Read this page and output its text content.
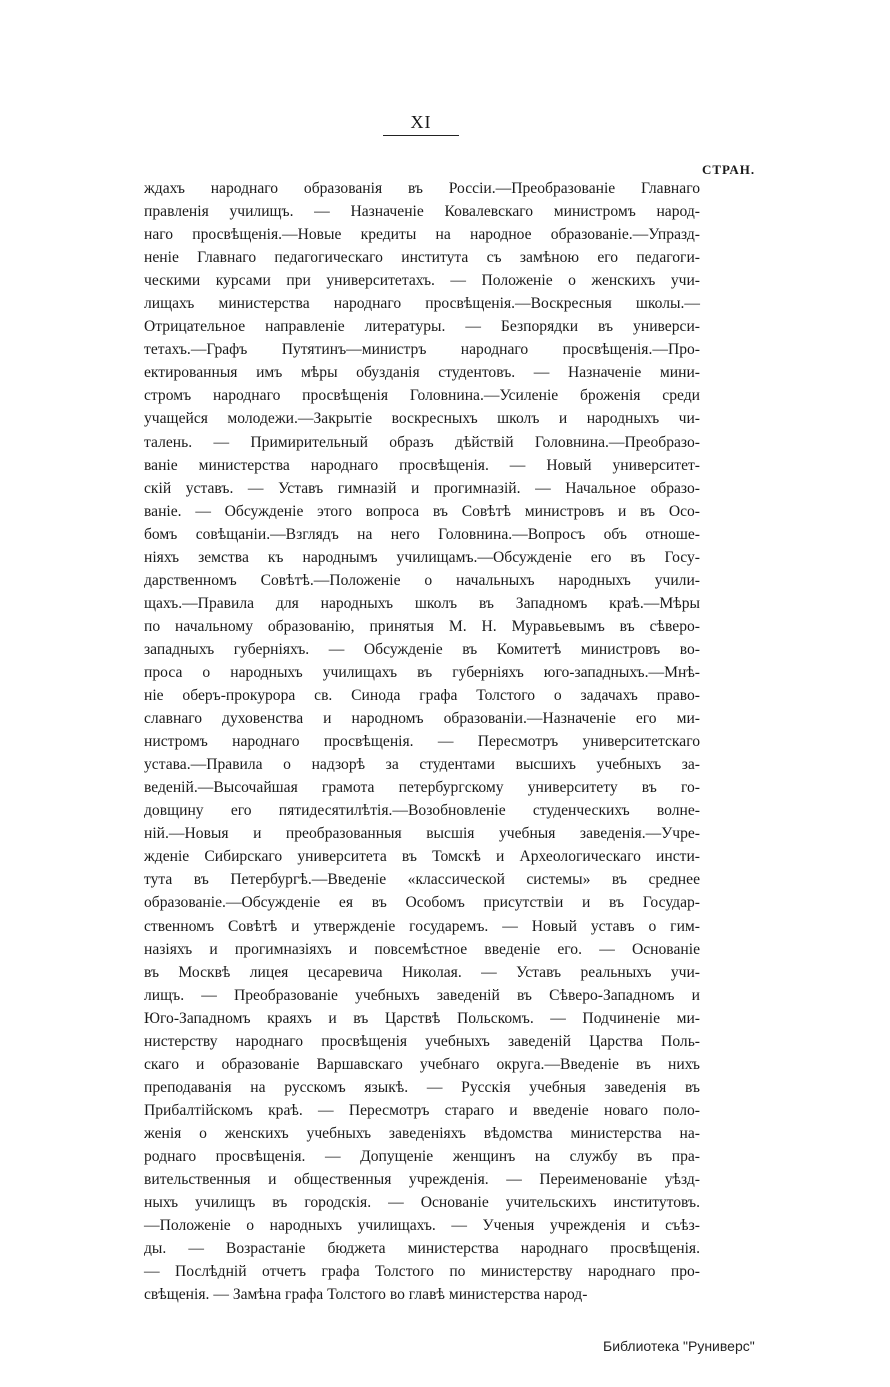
XI
СТРАН.
ждахъ народнаго образованія въ Россіи.—Преобразованіе Главнаго
правленія училищъ. — Назначеніе Ковалевскаго министромъ народ-
наго просвѣщенія.—Новые кредиты на народное образованіе.—Упразд-
неніе Главнаго педагогическаго института съ замѣною его педагоги-
ческими курсами при университетахъ. — Положеніе о женскихъ учи-
лищахъ министерства народнаго просвѣщенія.—Воскресныя школы.—
Отрицательное направленіе литературы. — Безпорядки въ универси-
тетахъ.—Графъ Путятинъ—министръ народнаго просвѣщенія.—Про-
ектированныя имъ мѣры обузданія студентовъ. — Назначеніе мини-
стромъ народнаго просвѣщенія Головнина.—Усиленіе броженія среди
учащейся молодежи.—Закрытіе воскресныхъ школъ и народныхъ чи-
талень. — Примирительный образъ дѣйствій Головнина.—Преобразо-
ваніе министерства народнаго просвѣщенія. — Новый университет-
скій уставъ. — Уставъ гимназій и прогимназій. — Начальное образо-
ваніе. — Обсужденіе этого вопроса въ Совѣтѣ министровъ и въ Осо-
бомъ совѣщаніи.—Взглядъ на него Головнина.—Вопросъ объ отноше-
ніяхъ земства къ народнымъ училищамъ.—Обсужденіе его въ Госу-
дарственномъ Совѣтѣ.—Положеніе о начальныхъ народныхъ учили-
щахъ.—Правила для народныхъ школъ въ Западномъ краѣ.—Мѣры
по начальному образованію, принятыя М. Н. Муравьевымъ въ сѣверо-
западныхъ губерніяхъ. — Обсужденіе въ Комитетѣ министровъ во-
проса о народныхъ училищахъ въ губерніяхъ юго-западныхъ.—Мнѣ-
ніе оберъ-прокурора св. Синода графа Толстого о задачахъ право-
славнаго духовенства и народномъ образованіи.—Назначеніе его ми-
нистромъ народнаго просвѣщенія. — Пересмотръ университетскаго
устава.—Правила о надзорѣ за студентами высшихъ учебныхъ за-
веденій.—Высочайшая грамота петербургскому университету въ го-
довщину его пятидесятилѣтія.—Возобновленіе студенческихъ волне-
ній.—Новыя и преобразованныя высшія учебныя заведенія.—Учре-
жденіе Сибирскаго университета въ Томскѣ и Археологическаго инсти-
тута въ Петербургѣ.—Введеніе «классической системы» въ среднее
образованіе.—Обсужденіе ея въ Особомъ присутствіи и въ Государ-
ственномъ Совѣтѣ и утвержденіе государемъ. — Новый уставъ о гим-
назіяхъ и прогимназіяхъ и повсемѣстное введеніе его. — Основаніе
въ Москвѣ лицея цесаревича Николая. — Уставъ реальныхъ учи-
лищъ. — Преобразованіе учебныхъ заведеній въ Сѣверо-Западномъ и
Юго-Западномъ краяхъ и въ Царствѣ Польскомъ. — Подчиненіе ми-
нистерству народнаго просвѣщенія учебныхъ заведеній Царства Поль-
скаго и образованіе Варшавскаго учебнаго округа.—Введеніе въ нихъ
преподаванія на русскомъ языкѣ. — Русскія учебныя заведенія въ
Прибалтійскомъ краѣ. — Пересмотръ стараго и введеніе новаго поло-
женія о женскихъ учебныхъ заведеніяхъ вѣдомства министерства на-
роднаго просвѣщенія. — Допущеніе женщинъ на службу въ пра-
вительственныя и общественныя учрежденія. — Переименованіе уѣзд-
ныхъ училищъ въ городскія. — Основаніе учительскихъ институтовъ.
—Положеніе о народныхъ училищахъ. — Ученыя учрежденія и съѣз-
ды. — Возрастаніе бюджета министерства народнаго просвѣщенія.
— Послѣдній отчетъ графа Толстого по министерству народнаго про-
свѣщенія. — Замѣна графа Толстого во главѣ министерства народ-
Библиотека "Руниверс"
